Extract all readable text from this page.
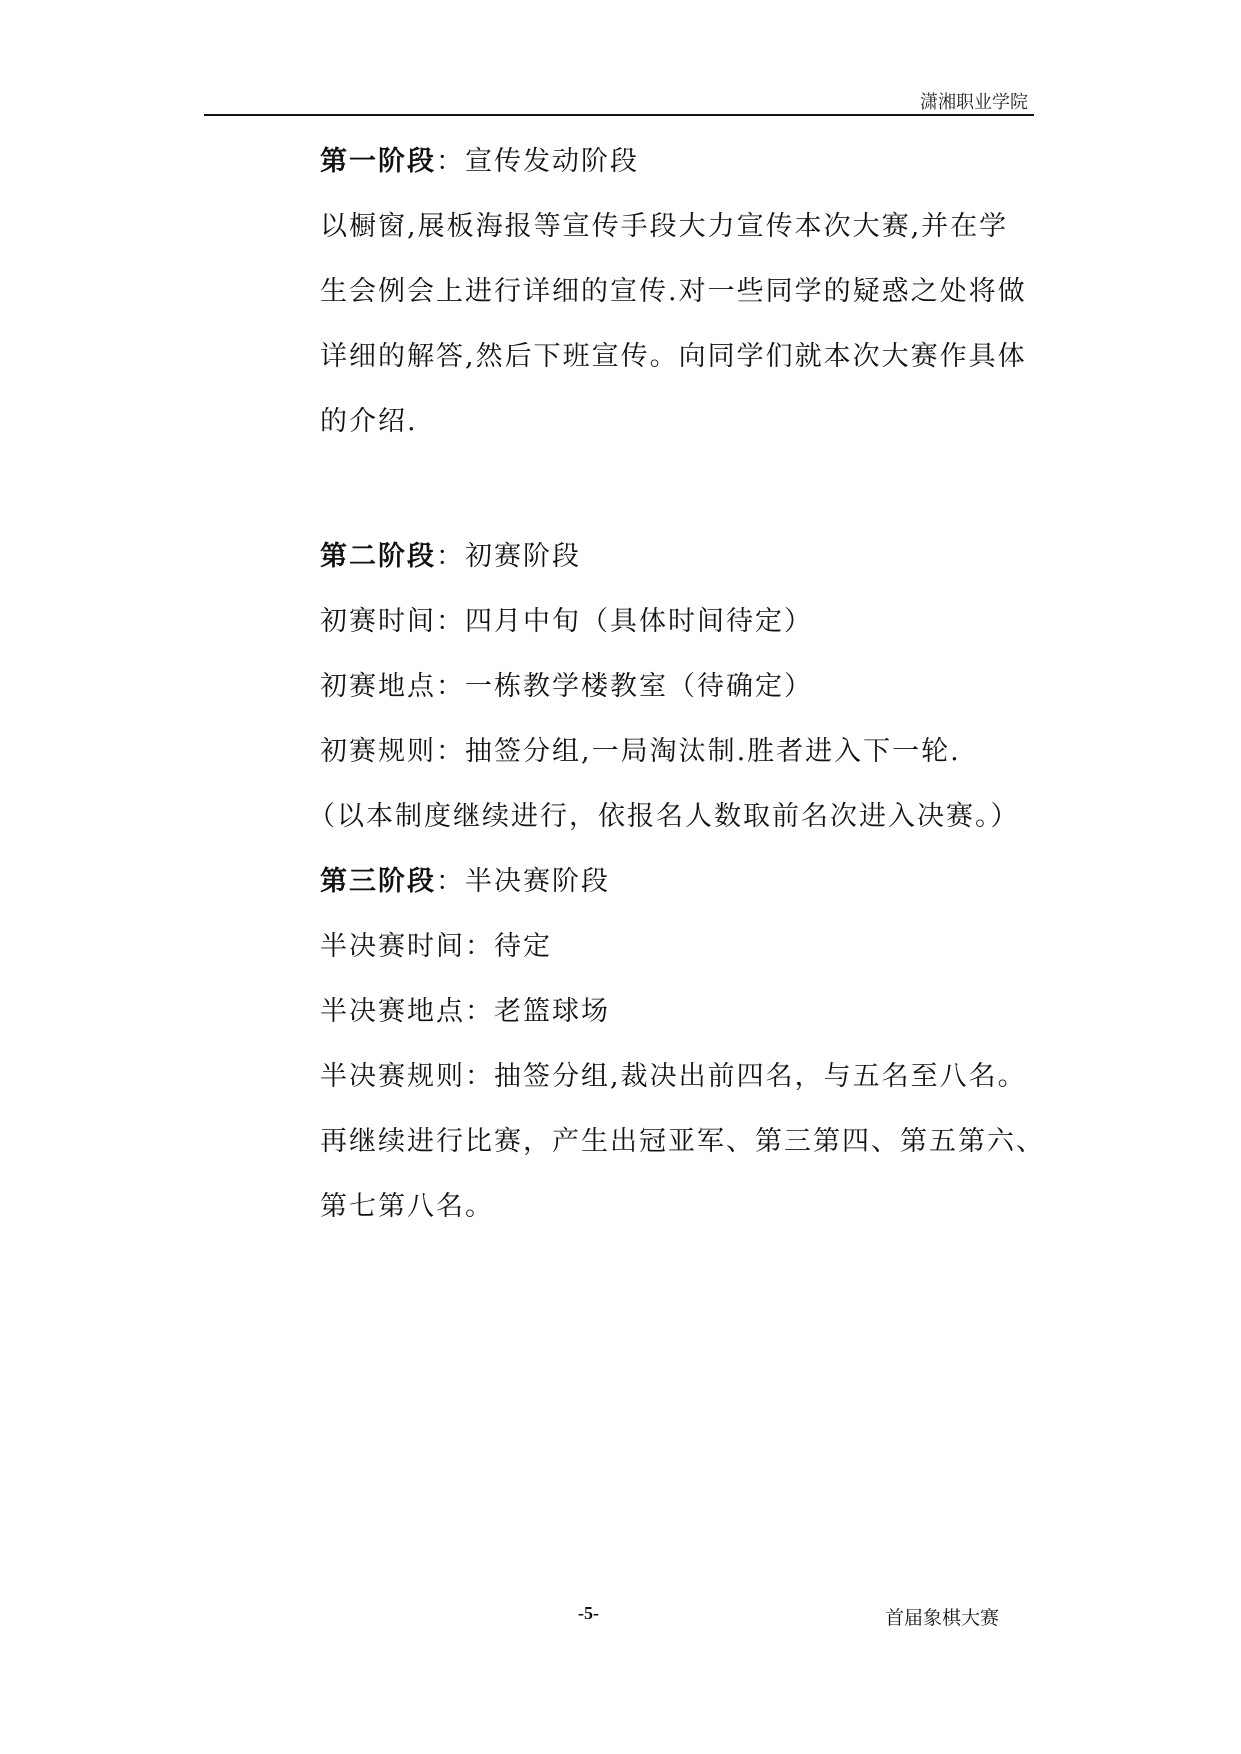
潇湘职业学院
第一阶段：宣传发动阶段
以橱窗,展板海报等宣传手段大力宣传本次大赛,并在学
生会例会上进行详细的宣传.对一些同学的疑惑之处将做
详细的解答,然后下班宣传。向同学们就本次大赛作具体
的介绍.
第二阶段：初赛阶段
初赛时间：四月中旬（具体时间待定）
初赛地点：一栋教学楼教室（待确定）
初赛规则：抽签分组,一局淘汰制.胜者进入下一轮.
（以本制度继续进行，依报名人数取前名次进入决赛。）
第三阶段：半决赛阶段
半决赛时间：待定
半决赛地点：老篮球场
半决赛规则：抽签分组,裁决出前四名，与五名至八名。
再继续进行比赛，产生出冠亚军、第三第四、第五第六、
第七第八名。
-5-	首届象棋大赛
